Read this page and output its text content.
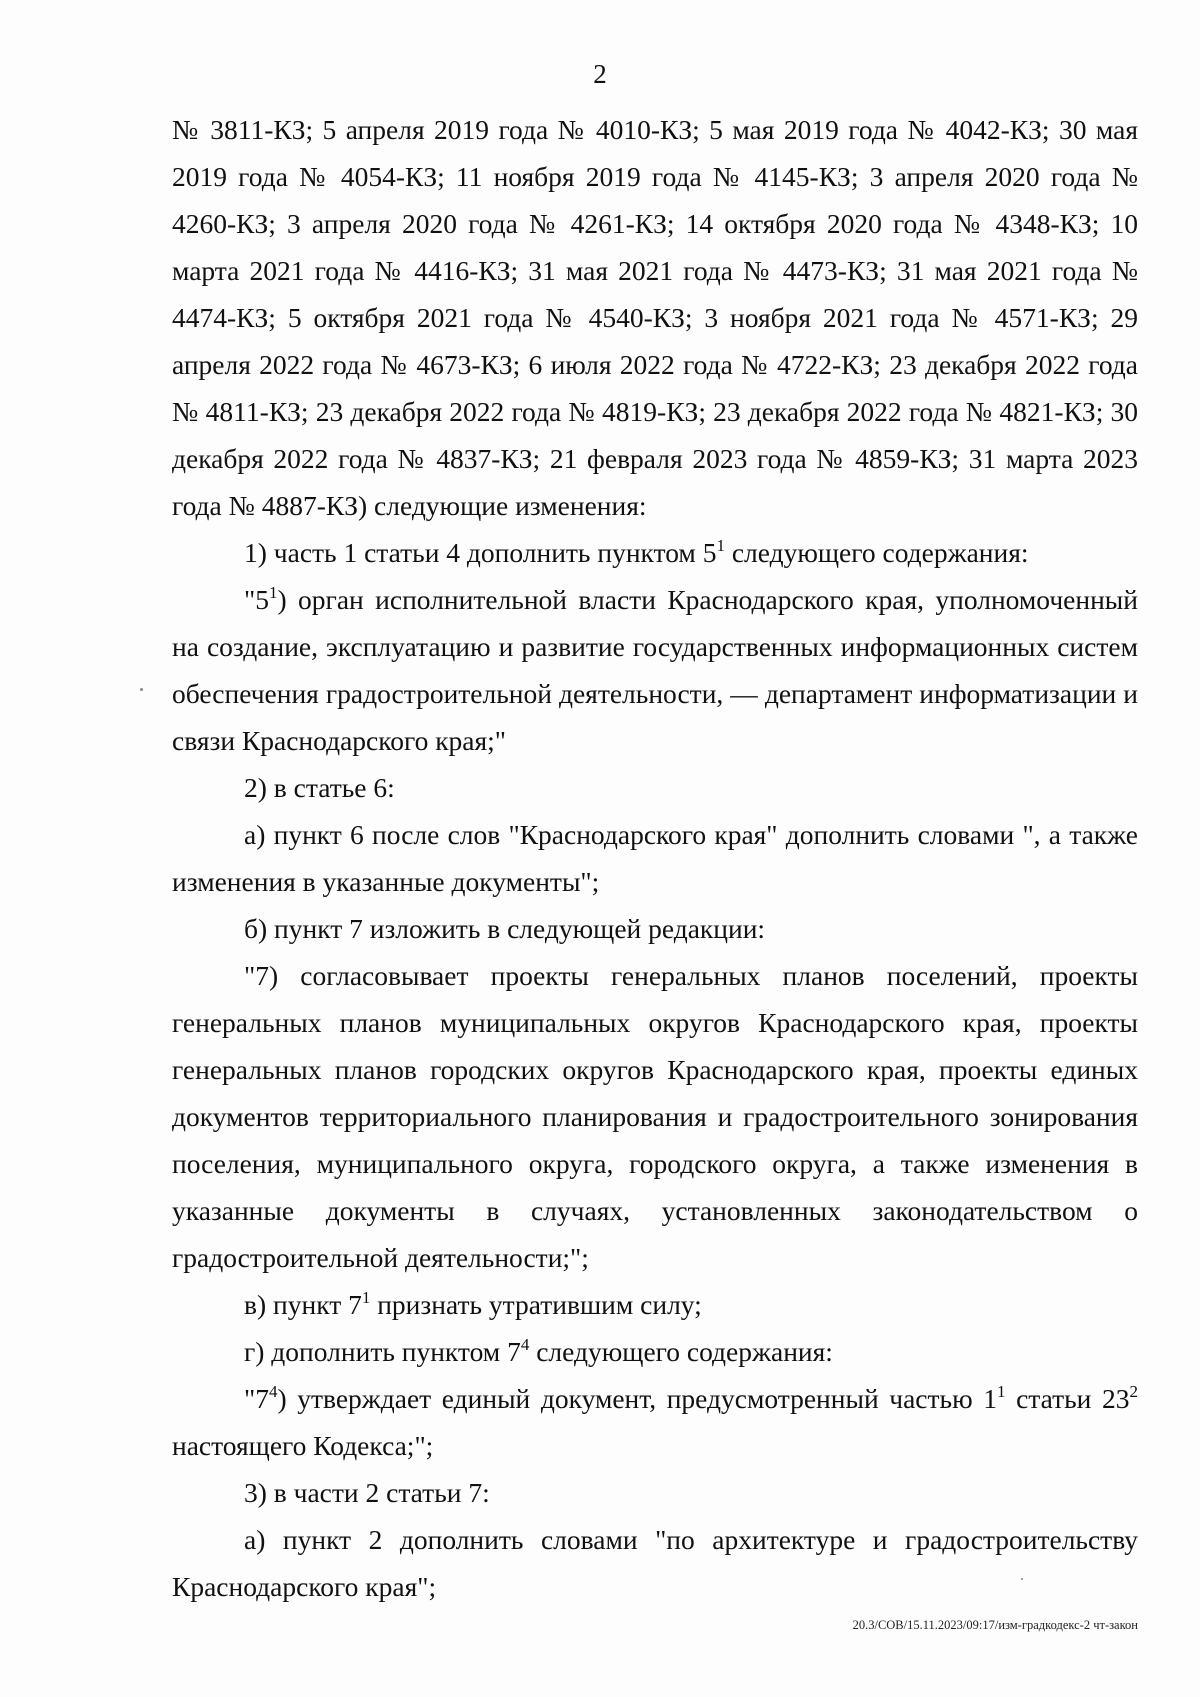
2

№ 3811-КЗ; 5 апреля 2019 года № 4010-КЗ; 5 мая 2019 года № 4042-КЗ; 30 мая 2019 года № 4054-КЗ; 11 ноября 2019 года № 4145-КЗ; 3 апреля 2020 года № 4260-КЗ; 3 апреля 2020 года № 4261-КЗ; 14 октября 2020 года № 4348-КЗ; 10 марта 2021 года № 4416-КЗ; 31 мая 2021 года № 4473-КЗ; 31 мая 2021 года № 4474-КЗ; 5 октября 2021 года № 4540-КЗ; 3 ноября 2021 года № 4571-КЗ; 29 апреля 2022 года № 4673-КЗ; 6 июля 2022 года № 4722-КЗ; 23 декабря 2022 года № 4811-КЗ; 23 декабря 2022 года № 4819-КЗ; 23 декабря 2022 года № 4821-КЗ; 30 декабря 2022 года № 4837-КЗ; 21 февраля 2023 года № 4859-КЗ; 31 марта 2023 года № 4887-КЗ) следующие изменения:

1) часть 1 статьи 4 дополнить пунктом $5^1$ следующего содержания:

"$5^1$) орган исполнительной власти Краснодарского края, уполномоченный на создание, эксплуатацию и развитие государственных информационных систем обеспечения градостроительной деятельности, — департамент информатизации и связи Краснодарского края;"

2) в статье 6:

а) пункт 6 после слов "Краснодарского края" дополнить словами ", а также изменения в указанные документы";

б) пункт 7 изложить в следующей редакции:

"7) согласовывает проекты генеральных планов поселений, проекты генеральных планов муниципальных округов Краснодарского края, проекты генеральных планов городских округов Краснодарского края, проекты единых документов территориального планирования и градостроительного зонирования поселения, муниципального округа, городского округа, а также изменения в указанные документы в случаях, установленных законодательством о градостроительной деятельности;";

в) пункт $7^1$ признать утратившим силу;

г) дополнить пунктом $7^4$ следующего содержания:

"$7^4$) утверждает единый документ, предусмотренный частью $1^1$ статьи $23^2$ настоящего Кодекса;";

3) в части 2 статьи 7:

а) пункт 2 дополнить словами "по архитектуре и градостроительству Краснодарского края";

20.3/СОВ/15.11.2023/09:17/изм-градкодекс-2 чт-закон
